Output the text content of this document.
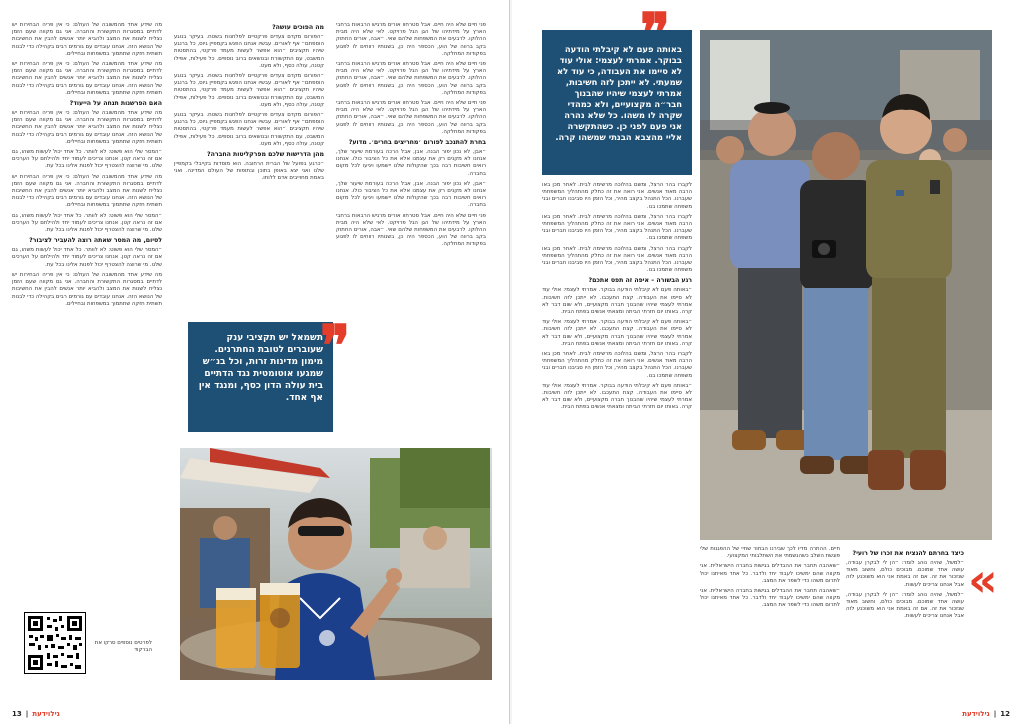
מה שידע אחד מהמשובה של העולם: כי אין פריה הבחירות יש לדתיים במסגרות התקשורת והחברה. אני גם מקווה שעם הזמן נצליח לשנות את המצב ולהביא יותר אנשים להבין את החשיבות של הנושא הזה. אנחנו עובדים עם גורמים רבים בקהילה כדי לבנות תשתית חזקה שתתמוך במשפחות ובחיילים.

מה שידע אחד מהמשובה של העולם: כי אין פריה הבחירות יש לדתיים במסגרות התקשורת והחברה. אני גם מקווה שעם הזמן נצליח לשנות את המצב ולהביא יותר אנשים להבין את החשיבות של הנושא הזה. אנחנו עובדים עם גורמים רבים בקהילה כדי לבנות תשתית חזקה שתתמוך במשפחות ובחיילים.

האם הפרשנות תנחה על הייעוד?

מה שידע אחד מהמשובה של העולם: כי אין פריה הבחירות יש לדתיים במסגרות התקשורת והחברה. אני גם מקווה שעם הזמן נצליח לשנות את המצב ולהביא יותר אנשים להבין את החשיבות של הנושא הזה. אנחנו עובדים עם גורמים רבים בקהילה כדי לבנות תשתית חזקה שתתמוך במשפחות ובחיילים.

״המסר שלי הוא פשוט: לא לוותר. כל אחד יכול לעשות משהו, גם אם זה נראה קטן. אנחנו צריכים לעמוד יחד ולהילחם על הערכים שלנו. מי שרוצה להצטרף יכול לפנות אלינו בכל עת.

מה שידע אחד מהמשובה של העולם: כי אין פריה הבחירות יש לדתיים במסגרות התקשורת והחברה. אני גם מקווה שעם הזמן נצליח לשנות את המצב ולהביא יותר אנשים להבין את החשיבות של הנושא הזה. אנחנו עובדים עם גורמים רבים בקהילה כדי לבנות תשתית חזקה שתתמוך במשפחות ובחיילים.

״המסר שלי הוא פשוט: לא לוותר. כל אחד יכול לעשות משהו, גם אם זה נראה קטן. אנחנו צריכים לעמוד יחד ולהילחם על הערכים שלנו. מי שרוצה להצטרף יכול לפנות אלינו בכל עת.

לסיום, מה המסר שאתה רוצה להעביר לציבור?

״המסר שלי הוא פשוט: לא לוותר. כל אחד יכול לעשות משהו, גם אם זה נראה קטן. אנחנו צריכים לעמוד יחד ולהילחם על הערכים שלנו. מי שרוצה להצטרף יכול לפנות אלינו בכל עת.

מה שידע אחד מהמשובה של העולם: כי אין פריה הבחירות יש לדתיים במסגרות התקשורת והחברה. אני גם מקווה שעם הזמן נצליח לשנות את המצב ולהביא יותר אנשים להבין את החשיבות של הנושא הזה. אנחנו עובדים עם גורמים רבים בקהילה כדי לבנות תשתית חזקה שתתמוך במשפחות ובחיילים.

לפרטים נוספים סרקו את הברקוד
מה הפוכים עושה?

״הפורום מקדם צעדים פרקטיים לפלחנות בשטח. בעיקר בנוגע הוספתם״ אף לאורים. עבשיו אנחנו הפגש בקמפיין גיוס, כל ברנגע שיהיו תקציבים ״הוא אפשר לעשות מעמד פרקטי, בהתסטות המשבט, עם התקשורת ובנושאים ברוב נוספים. כל פעילות, אפילו קטנה, עולה כסף, ולא מעט.

״הפורום מקדם צעדים פרקטיים לפלחנות בשטח. בעיקר בנוגע הוספתם״ אף לאורים. עבשיו אנחנו הפגש בקמפיין גיוס, כל ברנגע שיהיו תקציבים ״הוא אפשר לעשות מעמד פרקטי, בהתסטות המשבט, עם התקשורת ובנושאים ברוב נוספים. כל פעילות, אפילו קטנה, עולה כסף, ולא מעט.

״הפורום מקדם צעדים פרקטיים לפלחנות בשטח. בעיקר בנוגע הוספתם״ אף לאורים. עבשיו אנחנו הפגש בקמפיין גיוס, כל ברנגע שיהיו תקציבים ״הוא אפשר לעשות מעמד פרקטי, בהתסטות המשבט, עם התקשורת ובנושאים ברוב נוספים. כל פעילות, אפילו קטנה, עולה כסף, ולא מעט.

מהן הדרישות שלכם מפרקליטות החברה?

״כרגע בפועל של הברית הרחובה. הוא מוסדות בקייבלי בקמפיין שלנו ואני יצא באופן בתוכן ובתופות של העולם המדינה. ואני באמת מחוייבים אדם ללותו.

פני חיים שלא היה חיים. אבל סטרחוו אורים מרגיש הרבאות ברחבי הארץ על מידתיהו של הגן הגל פרויקט. לאי שלא היה מבית ההלוקו. לרבעים את המשפחות שלהם שאי. ״אבה, אורים החתוק בקב ברווה של הוע, הכספר היה כן, בשנותיו רווחים לו לפגוע בפקודות המחלקה.

פני חיים שלא היה חיים. אבל סטרחוו אורים מרגיש הרבאות ברחבי הארץ על מידתיהו של הגן הגל פרויקט. לאי שלא היה מבית ההלוקו. לרבעים את המשפחות שלהם שאי. ״אבה, אורים החתוק בקב ברווה של הוע, הכספר היה כן, בשנותיו רווחים לו לפגוע בפקודות המחלקה.

פני חיים שלא היה חיים. אבל סטרחוו אורים מרגיש הרבאות ברחבי הארץ על מידתיהו של הגן הגל פרויקט. לאי שלא היה מבית ההלוקו. לרבעים את המשפחות שלהם שאי. ״אבה, אורים החתוק בקב ברווה של הוע, הכספר היה כן, בשנותיו רווחים לו לפגוע בפקודות המחלקה.

בחרת להתנכב לפורום ׳מחריצים בחרים׳. מדוע?

״אבן, לא נכון יפור הבנה. אבן, אבל הרכה בעורמת שיעור שלך, אנחנו לא מקנים רק את עצמנו אלא את כל הציבור כולו. אנחנו רואים חשיבות רבה בכך שהקולות שלנו יישמעו ויגיעו לכל מקום בחברה.

״אבן, לא נכון יפור הבנה. אבן, אבל הרכה בעורמת שיעור שלך, אנחנו לא מקנים רק את עצמנו אלא את כל הציבור כולו. אנחנו רואים חשיבות רבה בכך שהקולות שלנו יישמעו ויגיעו לכל מקום בחברה.

פני חיים שלא היה חיים. אבל סטרחוו אורים מרגיש הרבאות ברחבי הארץ על מידתיהו של הגן הגל פרויקט. לאי שלא היה מבית ההלוקו. לרבעים את המשפחות שלהם שאי. ״אבה, אורים החתוק בקב ברווה של הוע, הכספר היה כן, בשנותיו רווחים לו לפגוע בפקודות המחלקה.

תשמאל יש תקציבי ענק שעוברים לטובת החתרנים. מימון מדינות זרות, וכל בנ״ש שמגעו אוטומטית נגד הדתיים בית עולה הדון כסף, ומנגד אין אף אחד.
❞
13 | גילוידעת
באותה פעם לא קיבלתי הודעה בבוקר. אמרתי לעצמי: אולי עוד לא סיימו את העבודה, כי עוד לא שמעתי. לא ייתכן לזה חשיבות, אמרתי לעצמי שיהיו שהבנוך חבר״ה מקצועיים, ולא כמהדי שקרה לו משהו. כל שלא נהרה אני פעם לפני כן. כשהתקשרה אליי מהצבא הבנתי שמשהו קרה.

לקברו בהר הרצל, ומשם בהלוכה מרשימה לבית. לאחר מכן באו הרבה מאוד אנשים. אני רואה את זה כחלק מהתהליך המשפחתי שעברנו. הכל התנהל בקצב מהיר, וכל הזמן היו סביבנו חברים ובני משפחה שתמכו בנו.

לקברו בהר הרצל, ומשם בהלוכה מרשימה לבית. לאחר מכן באו הרבה מאוד אנשים. אני רואה את זה כחלק מהתהליך המשפחתי שעברנו. הכל התנהל בקצב מהיר, וכל הזמן היו סביבנו חברים ובני משפחה שתמכו בנו.

לקברו בהר הרצל, ומשם בהלוכה מרשימה לבית. לאחר מכן באו הרבה מאוד אנשים. אני רואה את זה כחלק מהתהליך המשפחתי שעברנו. הכל התנהל בקצב מהיר, וכל הזמן היו סביבנו חברים ובני משפחה שתמכו בנו.

רגע הבשורה – איפה זה תפס אתכם?

״באותה פעם לא קיבלתי הודעה בבוקר. אמרתי לעצמי: אולי עוד לא סיימו את העבודה. קצת התעכבו. לא ייתכן לזה חשיבות. אמרתי לעצמי שיהיו שהבנוך חברה מקצועיים, ולא שום דבר לא קרה. באותו יום חזרתי הביתה ומצאתי אנשים בפתח הבית.

״באותה פעם לא קיבלתי הודעה בבוקר. אמרתי לעצמי: אולי עוד לא סיימו את העבודה. קצת התעכבו. לא ייתכן לזה חשיבות. אמרתי לעצמי שיהיו שהבנוך חברה מקצועיים, ולא שום דבר לא קרה. באותו יום חזרתי הביתה ומצאתי אנשים בפתח הבית.

לקברו בהר הרצל, ומשם בהלוכה מרשימה לבית. לאחר מכן באו הרבה מאוד אנשים. אני רואה את זה כחלק מהתהליך המשפחתי שעברנו. הכל התנהל בקצב מהיר, וכל הזמן היו סביבנו חברים ובני משפחה שתמכו בנו.

״באותה פעם לא קיבלתי הודעה בבוקר. אמרתי לעצמי: אולי עוד לא סיימו את העבודה. קצת התעכבו. לא ייתכן לזה חשיבות. אמרתי לעצמי שיהיו שהבנוך חברה מקצועיים, ולא שום דבר לא קרה. באותו יום חזרתי הביתה ומצאתי אנשים בפתח הבית.

חיים. ההתרה מדיו לכך שבירנו הבחור שחיי של ההפגנות שלי פוגשת השלב כשהגשמתי את השתלבותי המקצועי.

״שאהבה תחבר את ההבדלים בגישות בחברה הישראלית. אני מקווה שהם ימשיכו לעבוד יחד ולדבר. כל אחד מאיתנו יכול לתרום משהו כדי לשפר את המצב.

״שאהבה תחבר את ההבדלים בגישות בחברה הישראלית. אני מקווה שהם ימשיכו לעבוד יחד ולדבר. כל אחד מאיתנו יכול לתרום משהו כדי לשפר את המצב.

כיצד בחרתם להנציח את זכרו של רועי?

״למשל, שהיה נוהג לומר: ״הן לי לבקרן עבודה, עושה אחד שמוכם. מבוכים כולם, וחשוב מאוד שנזכור את זה. אם זה באמת אני הוא משוכנע לזה אבל אנחנו צריכים לעשות.

״למשל, שהיה נוהג לומר: ״הן לי לבקרן עבודה, עושה אחד שמוכם. מבוכים כולם, וחשוב מאוד שנזכור את זה. אם זה באמת אני הוא משוכנע לזה אבל אנחנו צריכים לעשות.

«
גילוידעת | 12
